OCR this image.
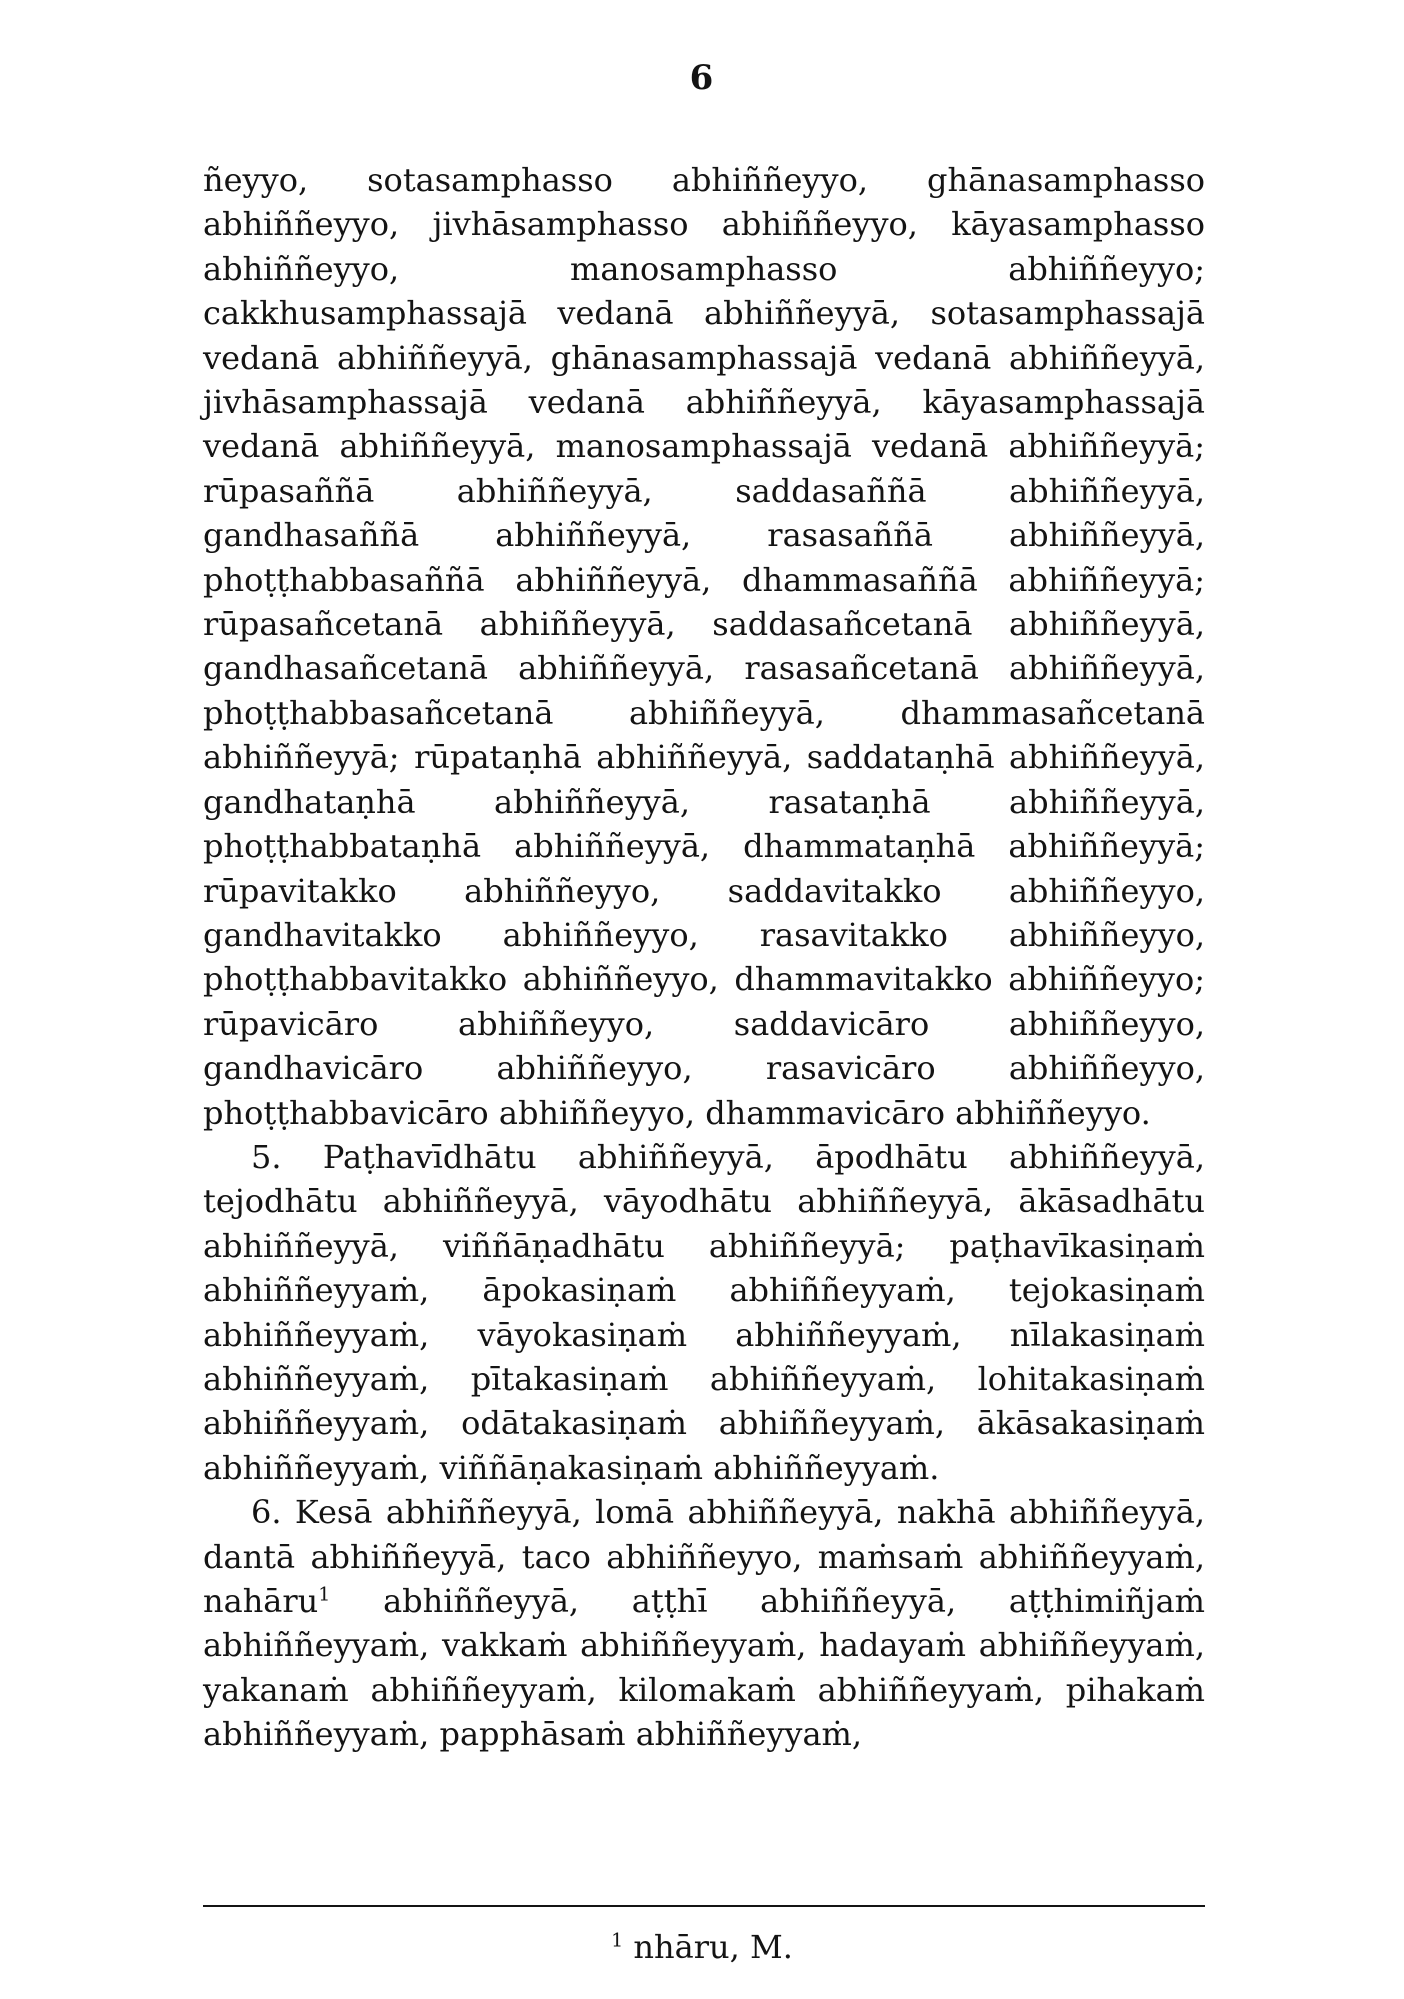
6

ñeyyo, sotasamphasso abhiññeyyo, ghānasamphasso abhiññeyyo, jivhāsamphasso abhiññeyyo, kāyasamphasso abhiññeyyo, manosamphasso abhiññeyyo; cakkhusamphassajā vedanā abhiññeyyā, sotasamphassajā vedanā abhiññeyyā, ghānasamphassajā vedanā abhiññeyyā, jivhāsamphassajā vedanā abhiññeyyā, kāyasamphassajā vedanā abhiññeyyā, manosamphassajā vedanā abhiññeyyā; rūpasaññā abhiññeyyā, saddasaññā abhiññeyyā, gandhasaññā abhiññeyyā, rasasaññā abhiññeyyā, phoṭṭhabbasaññā abhiññeyyā, dhammasaññā abhiññeyyā; rūpasañcetanā abhiññeyyā, saddasañcetanā abhiññeyyā, gandhasañcetanā abhiññeyyā, rasasañcetanā abhiññeyyā, phoṭṭhabbasañcetanā abhiññeyyā, dhammasañcetanā abhiññeyyā; rūpataṇhā abhiññeyyā, saddataṇhā abhiññeyyā, gandhataṇhā abhiññeyyā, rasataṇhā abhiññeyyā, phoṭṭhabbataṇhā abhiññeyyā, dhammataṇhā abhiññeyyā; rūpavitakko abhiññeyyo, saddavitakko abhiññeyyo, gandhavitakko abhiññeyyo, rasavitakko abhiññeyyo, phoṭṭhabbavitakko abhiññeyyo, dhammavitakko abhiññeyyo; rūpavicāro abhiññeyyo, saddavicāro abhiññeyyo, gandhavicāro abhiññeyyo, rasavicāro abhiññeyyo, phoṭṭhabbavicāro abhiññeyyo, dhammavicāro abhiññeyyo.

5. Paṭhavīdhātu abhiññeyyā, āpodhātu abhiññeyyā, tejodhātu abhiññeyyā, vāyodhātu abhiññeyyā, ākāsadhātu abhiññeyyā, viññāṇadhātu abhiññeyyā; paṭhavīkasiṇaṁ abhiññeyyaṁ, āpokasiṇaṁ abhiññeyyaṁ, tejokasiṇaṁ abhiññeyyaṁ, vāyokasiṇaṁ abhiññeyyaṁ, nīlakasiṇaṁ abhiññeyyaṁ, pītakasiṇaṁ abhiññeyyaṁ, lohitakasiṇaṁ abhiññeyyaṁ, odātakasiṇaṁ abhiññeyyaṁ, ākāsakasiṇaṁ abhiññeyyaṁ, viññāṇakasiṇaṁ abhiññeyyaṁ.

6. Kesā abhiññeyyā, lomā abhiññeyyā, nakhā abhiññeyyā, dantā abhiññeyyā, taco abhiññeyyo, maṁsaṁ abhiññeyyaṁ, nahāru$^1$ abhiññeyyā, aṭṭhī abhiññeyyā, aṭṭhimiñjaṁ abhiññeyyaṁ, vakkaṁ abhiññeyyaṁ, hadayaṁ abhiññeyyaṁ, yakanaṁ abhiññeyyaṁ, kilomakaṁ abhiññeyyaṁ, pihakaṁ abhiññeyyaṁ, papphāsaṁ abhiññeyyaṁ,

$^1$ nhāru, M.
